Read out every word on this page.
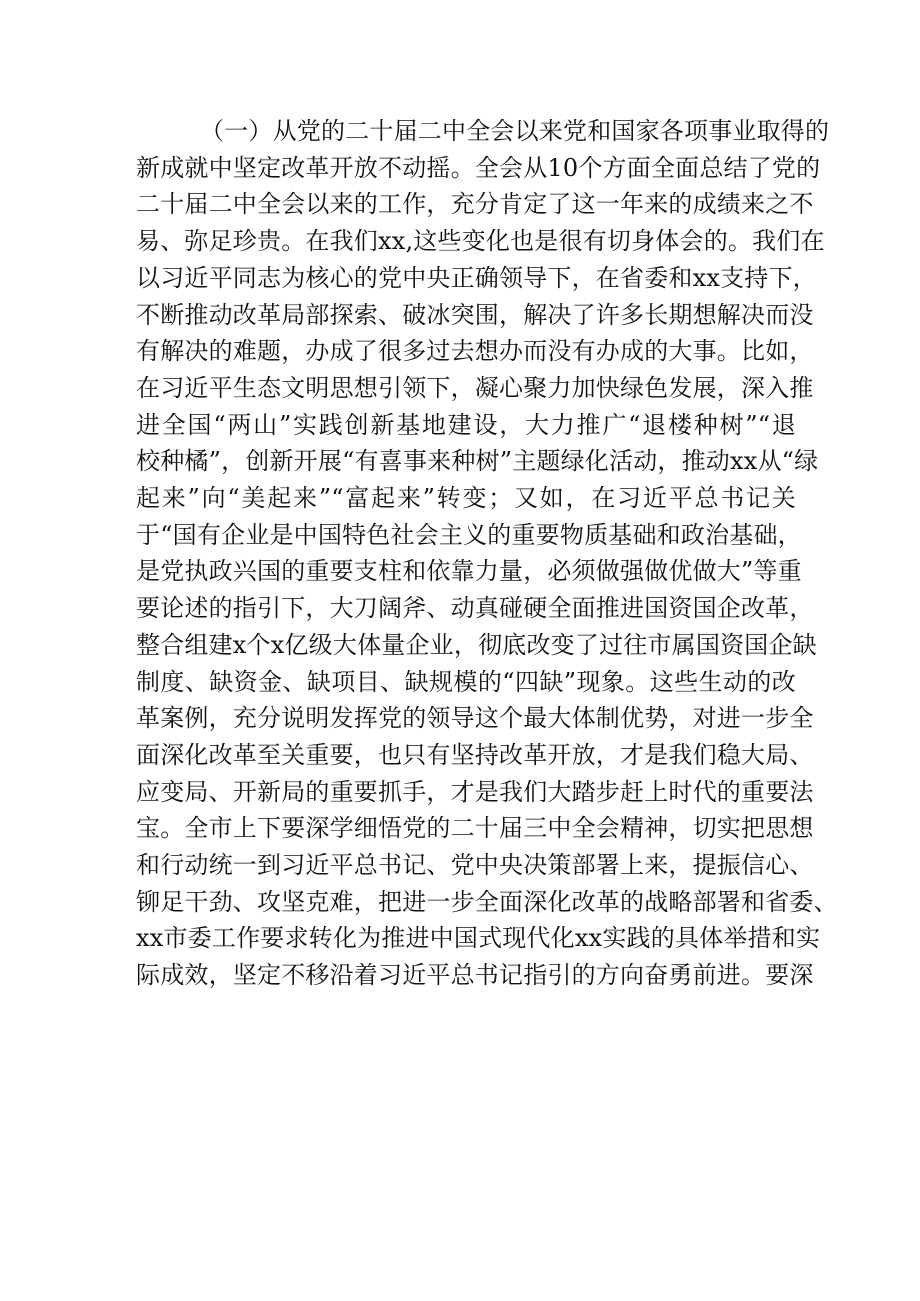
（一）从党的二十届二中全会以来党和国家各项事业取得的
新成就中坚定改革开放不动摇。全会从10个方面全面总结了党的
二十届二中全会以来的工作，充分肯定了这一年来的成绩来之不
易、弥足珍贵。在我们xx,这些变化也是很有切身体会的。我们在
以习近平同志为核心的党中央正确领导下，在省委和xx支持下，
不断推动改革局部探索、破冰突围，解决了许多长期想解决而没
有解决的难题，办成了很多过去想办而没有办成的大事。比如，
在习近平生态文明思想引领下，凝心聚力加快绿色发展，深入推
进全国“两山”实践创新基地建设，大力推广“退楼种树”“退
校种橘”，创新开展“有喜事来种树”主题绿化活动，推动xx从“绿
起来”向“美起来”“富起来”转变；又如，在习近平总书记关
于“国有企业是中国特色社会主义的重要物质基础和政治基础，
是党执政兴国的重要支柱和依靠力量，必须做强做优做大”等重
要论述的指引下，大刀阔斧、动真碰硬全面推进国资国企改革，
整合组建x个x亿级大体量企业，彻底改变了过往市属国资国企缺
制度、缺资金、缺项目、缺规模的“四缺”现象。这些生动的改
革案例，充分说明发挥党的领导这个最大体制优势，对进一步全
面深化改革至关重要，也只有坚持改革开放，才是我们稳大局、
应变局、开新局的重要抓手，才是我们大踏步赶上时代的重要法
宝。全市上下要深学细悟党的二十届三中全会精神，切实把思想
和行动统一到习近平总书记、党中央决策部署上来，提振信心、
铆足干劲、攻坚克难，把进一步全面深化改革的战略部署和省委、
xx市委工作要求转化为推进中国式现代化xx实践的具体举措和实
际成效，坚定不移沿着习近平总书记指引的方向奋勇前进。要深
